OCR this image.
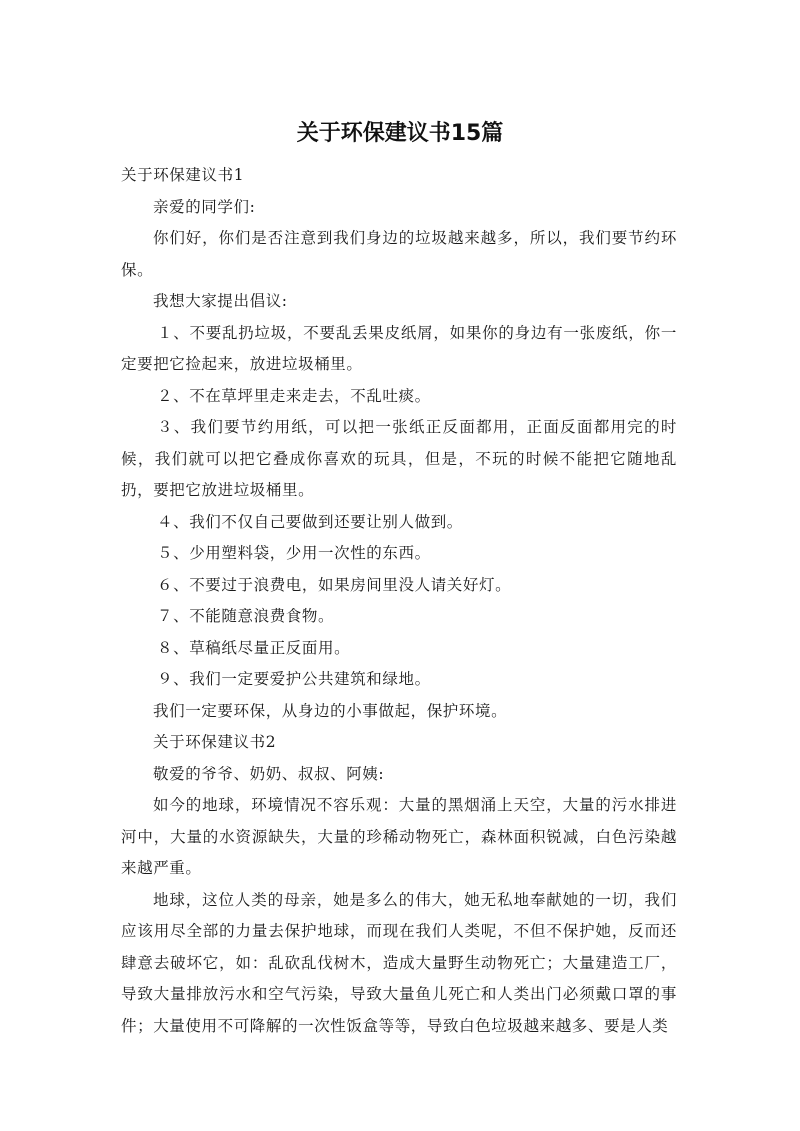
关于环保建议书15篇

关于环保建议书1

亲爱的同学们:

你们好，你们是否注意到我们身边的垃圾越来越多，所以，我们要节约环保。

我想大家提出倡议:

１、不要乱扔垃圾，不要乱丢果皮纸屑，如果你的身边有一张废纸，你一定要把它捡起来，放进垃圾桶里。

２、不在草坪里走来走去，不乱吐痰。

３、我们要节约用纸，可以把一张纸正反面都用，正面反面都用完的时候，我们就可以把它叠成你喜欢的玩具，但是，不玩的时候不能把它随地乱扔，要把它放进垃圾桶里。

４、我们不仅自己要做到还要让别人做到。

５、少用塑料袋，少用一次性的东西。

６、不要过于浪费电，如果房间里没人请关好灯。

７、不能随意浪费食物。

８、草稿纸尽量正反面用。

９、我们一定要爱护公共建筑和绿地。

我们一定要环保，从身边的小事做起，保护环境。

关于环保建议书2

敬爱的爷爷、奶奶、叔叔、阿姨:

如今的地球，环境情况不容乐观：大量的黑烟涌上天空，大量的污水排进河中，大量的水资源缺失，大量的珍稀动物死亡，森林面积锐减，白色污染越来越严重。

地球，这位人类的母亲，她是多么的伟大，她无私地奉献她的一切，我们应该用尽全部的力量去保护地球，而现在我们人类呢，不但不保护她，反而还肆意去破坏它，如：乱砍乱伐树木，造成大量野生动物死亡；大量建造工厂，导致大量排放污水和空气污染，导致大量鱼儿死亡和人类出门必须戴口罩的事件；大量使用不可降解的一次性饭盒等等，导致白色垃圾越来越多、要是人类
